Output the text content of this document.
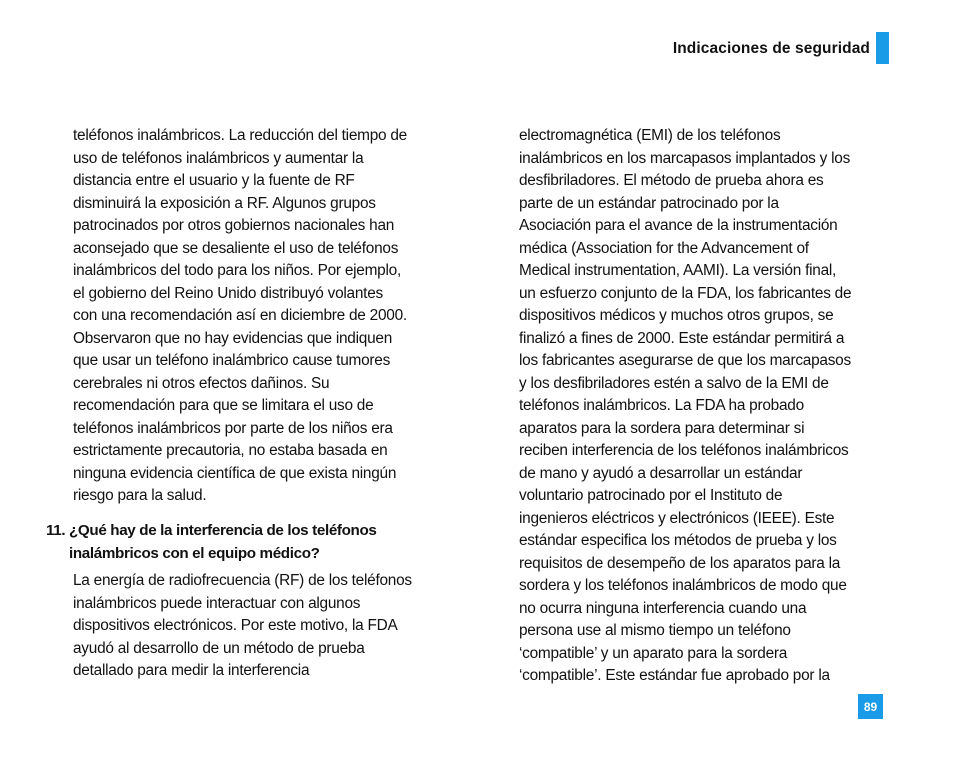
Indicaciones de seguridad
teléfonos inalámbricos. La reducción del tiempo de
uso de teléfonos inalámbricos y aumentar la
distancia entre el usuario y la fuente de RF
disminuirá la exposición a RF. Algunos grupos
patrocinados por otros gobiernos nacionales han
aconsejado que se desaliente el uso de teléfonos
inalámbricos del todo para los niños. Por ejemplo,
el gobierno del Reino Unido distribuyó volantes
con una recomendación así en diciembre de 2000.
Observaron que no hay evidencias que indiquen
que usar un teléfono inalámbrico cause tumores
cerebrales ni otros efectos dañinos. Su
recomendación para que se limitara el uso de
teléfonos inalámbricos por parte de los niños era
estrictamente precautoria, no estaba basada en
ninguna evidencia científica de que exista ningún
riesgo para la salud.
11. ¿Qué hay de la interferencia de los teléfonos
inalámbricos con el equipo médico?
La energía de radiofrecuencia (RF) de los teléfonos
inalámbricos puede interactuar con algunos
dispositivos electrónicos. Por este motivo, la FDA
ayudó al desarrollo de un método de prueba
detallado para medir la interferencia
electromagnética (EMI) de los teléfonos
inalámbricos en los marcapasos implantados y los
desfibriladores. El método de prueba ahora es
parte de un estándar patrocinado por la
Asociación para el avance de la instrumentación
médica (Association for the Advancement of
Medical instrumentation, AAMI). La versión final,
un esfuerzo conjunto de la FDA, los fabricantes de
dispositivos médicos y muchos otros grupos, se
finalizó a fines de 2000. Este estándar permitirá a
los fabricantes asegurarse de que los marcapasos
y los desfibriladores estén a salvo de la EMI de
teléfonos inalámbricos. La FDA ha probado
aparatos para la sordera para determinar si
reciben interferencia de los teléfonos inalámbricos
de mano y ayudó a desarrollar un estándar
voluntario patrocinado por el Instituto de
ingenieros eléctricos y electrónicos (IEEE). Este
estándar especifica los métodos de prueba y los
requisitos de desempeño de los aparatos para la
sordera y los teléfonos inalámbricos de modo que
no ocurra ninguna interferencia cuando una
persona use al mismo tiempo un teléfono
‘compatible’ y un aparato para la sordera
‘compatible’. Este estándar fue aprobado por la
89
